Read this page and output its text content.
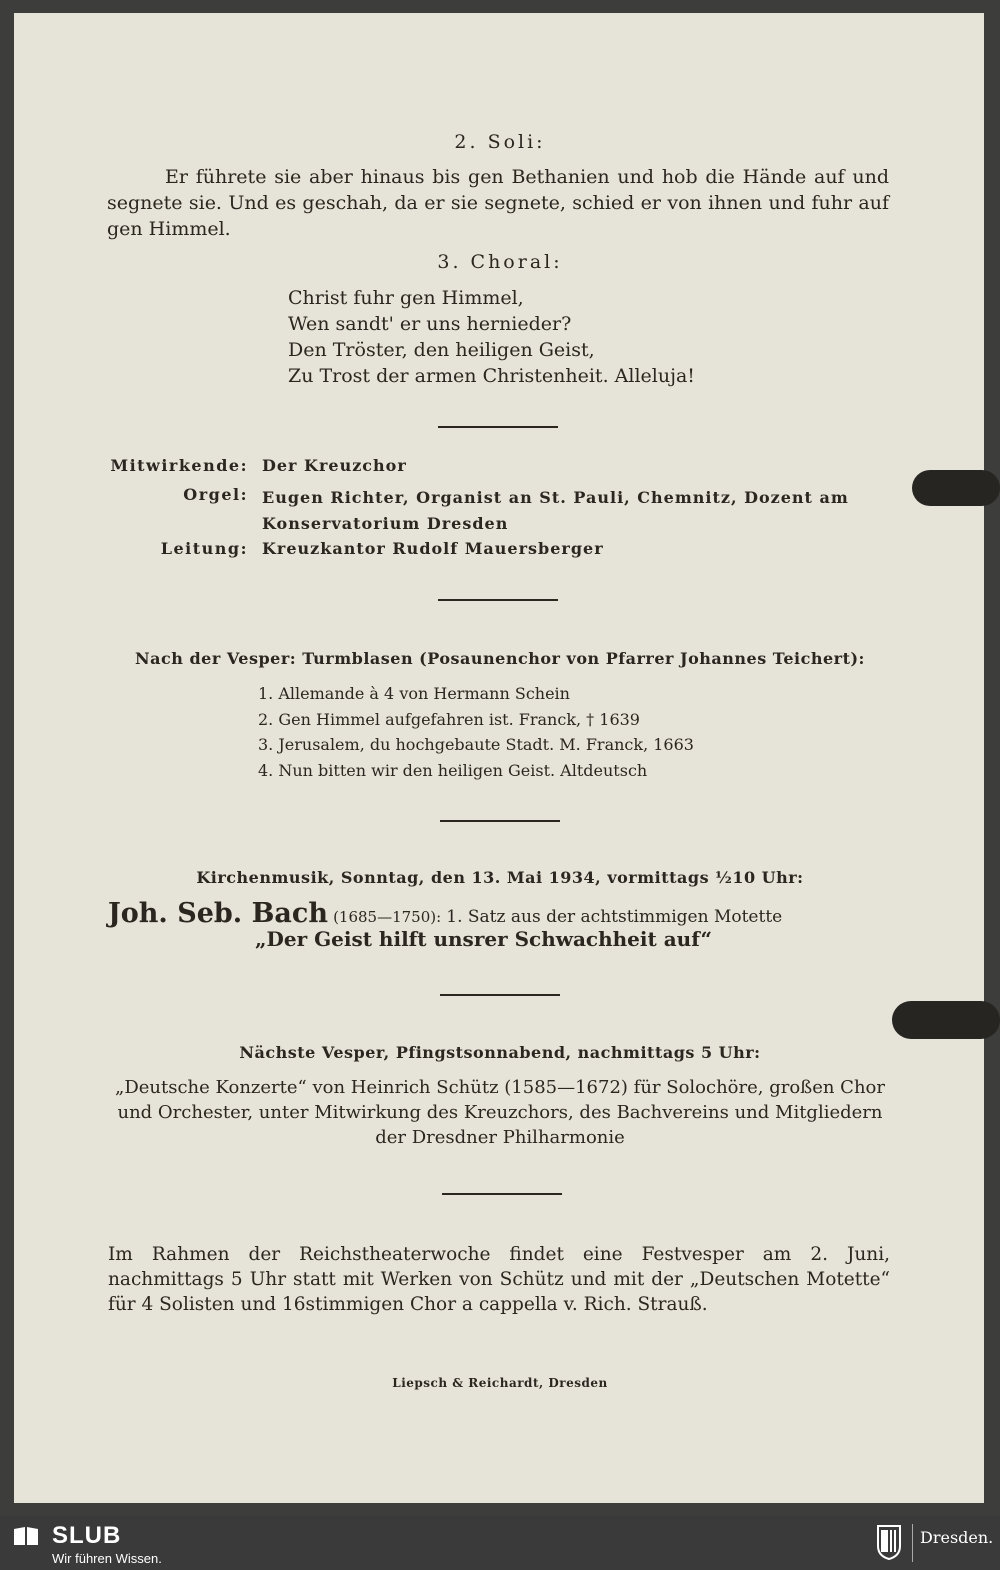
2. Soli:
Er führete sie aber hinaus bis gen Bethanien und hob die Hände auf und segnete sie. Und es geschah, da er sie segnete, schied er von ihnen und fuhr auf gen Himmel.
3. Choral:
Christ fuhr gen Himmel,
Wen sandt' er uns hernieder?
Den Tröster, den heiligen Geist,
Zu Trost der armen Christenheit. Alleluja!
Mitwirkende: Der Kreuzchor
Orgel: Eugen Richter, Organist an St. Pauli, Chemnitz, Dozent am Konservatorium Dresden
Leitung: Kreuzkantor Rudolf Mauersberger
Nach der Vesper: Turmblasen (Posaunenchor von Pfarrer Johannes Teichert):
1. Allemande à 4 von Hermann Schein
2. Gen Himmel aufgefahren ist. Franck, † 1639
3. Jerusalem, du hochgebaute Stadt. M. Franck, 1663
4. Nun bitten wir den heiligen Geist. Altdeutsch
Kirchenmusik, Sonntag, den 13. Mai 1934, vormittags ½10 Uhr:
Joh. Seb. Bach (1685—1750): 1. Satz aus der achtstimmigen Motette
„Der Geist hilft unsrer Schwachheit auf“
Nächste Vesper, Pfingstsonnabend, nachmittags 5 Uhr:
„Deutsche Konzerte“ von Heinrich Schütz (1585—1672) für Solochöre, großen Chor und Orchester, unter Mitwirkung des Kreuzchors, des Bachvereins und Mitgliedern der Dresdner Philharmonie
Im Rahmen der Reichstheaterwoche findet eine Festvesper am 2. Juni, nachmittags 5 Uhr statt mit Werken von Schütz und mit der „Deutschen Motette“ für 4 Solisten und 16stimmigen Chor a cappella v. Rich. Strauß.
Liepsch & Reichardt, Dresden
SLUB
Wir führen Wissen.
Dresden.
